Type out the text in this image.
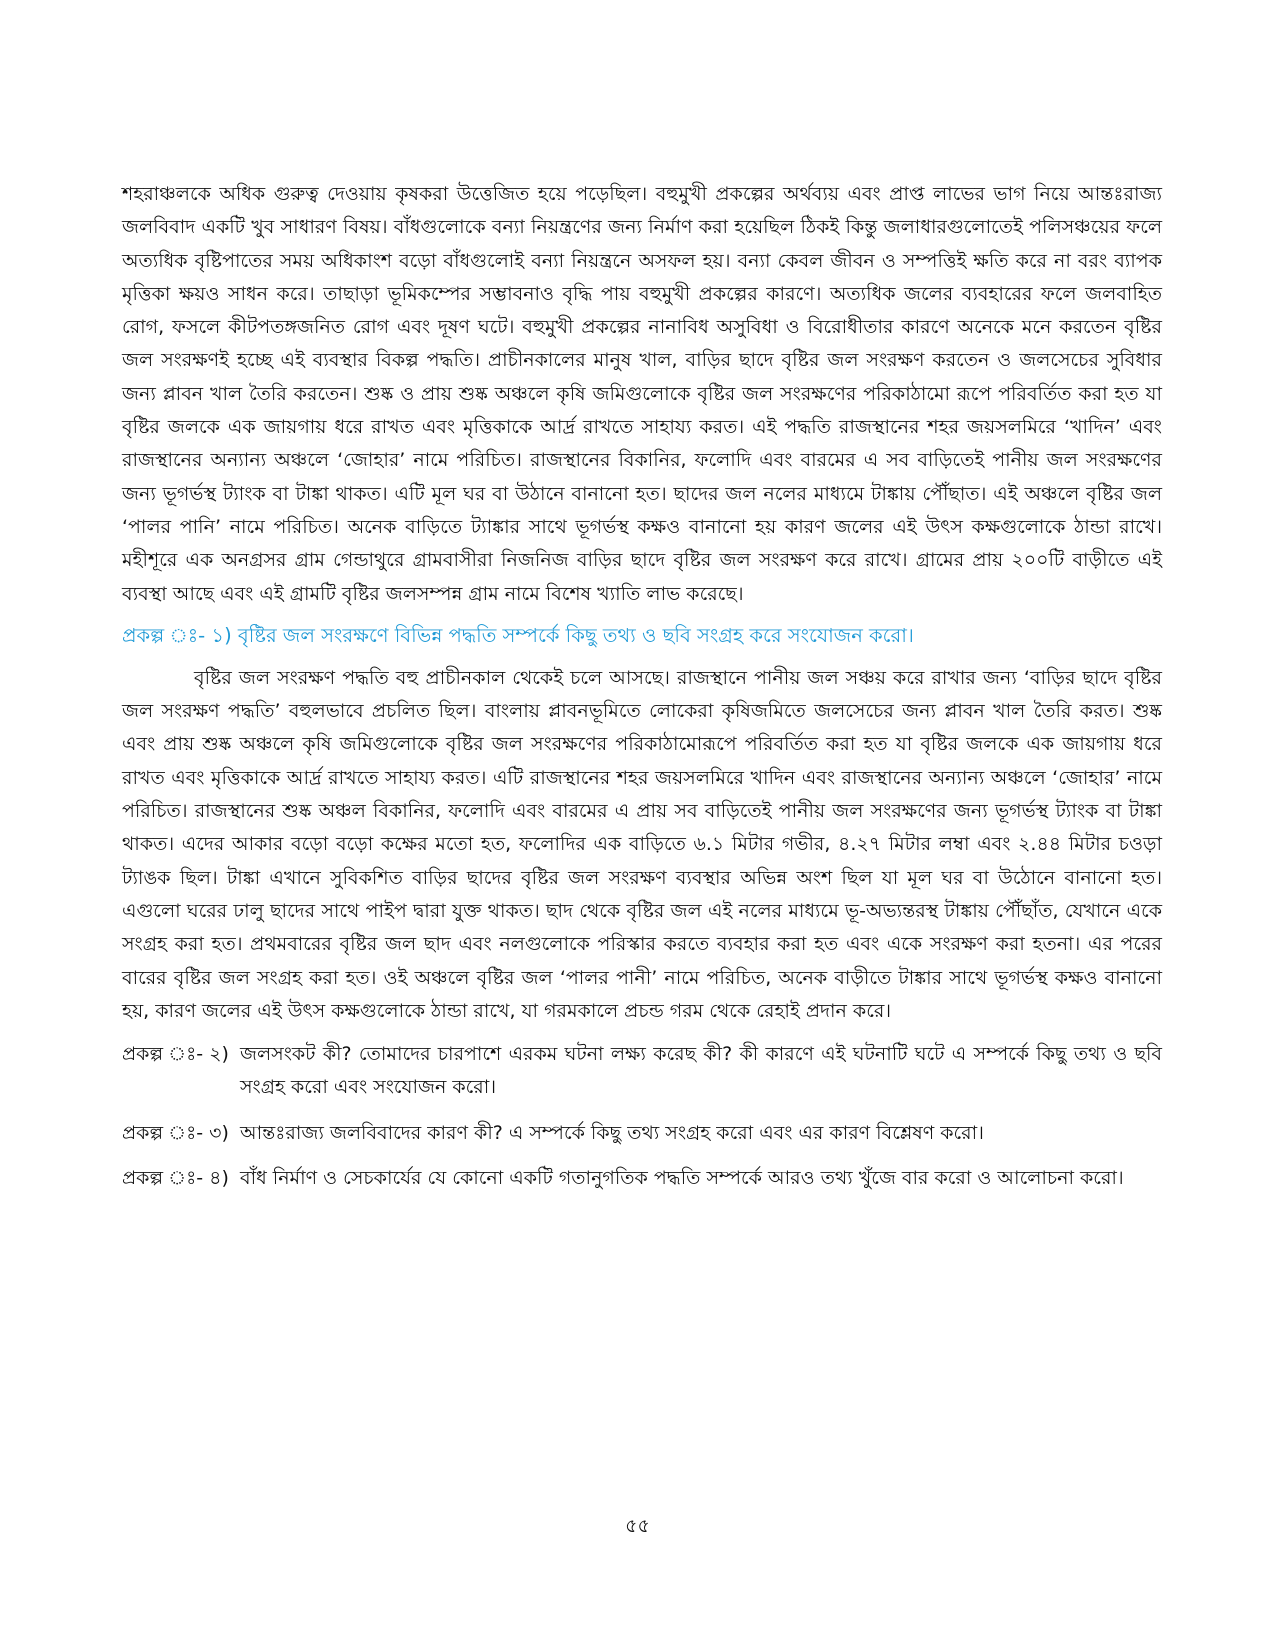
শহরাঞ্চলকে অধিক গুরুত্ব দেওয়ায় কৃষকরা উত্তেজিত হয়ে পড়েছিল। বহুমুখী প্রকল্পের অর্থব্যয় এবং প্রাপ্ত লাভের ভাগ নিয়ে আন্তঃরাজ্য জলবিবাদ একটি খুব সাধারণ বিষয়। বাঁধগুলোকে বন্যা নিয়ন্ত্রণের জন্য নির্মাণ করা হয়েছিল ঠিকই কিন্তু জলাধারগুলোতেই পলিসঞ্চয়ের ফলে অত্যধিক বৃষ্টিপাতের সময় অধিকাংশ বড়ো বাঁধগুলোই বন্যা নিয়ন্ত্রনে অসফল হয়। বন্যা কেবল জীবন ও সম্পত্তিই ক্ষতি করে না বরং ব্যাপক মৃত্তিকা ক্ষয়ও সাধন করে। তাছাড়া ভূমিকম্পের সম্ভাবনাও বৃদ্ধি পায় বহুমুখী প্রকল্পের কারণে। অত্যধিক জলের ব্যবহারের ফলে জলবাহিত রোগ, ফসলে কীটপতঙ্গজনিত রোগ এবং দূষণ ঘটে। বহুমুখী প্রকল্পের নানাবিধ অসুবিধা ও বিরোধীতার কারণে অনেকে মনে করতেন বৃষ্টির জল সংরক্ষণই হচ্ছে এই ব্যবস্থার বিকল্প পদ্ধতি। প্রাচীনকালের মানুষ খাল, বাড়ির ছাদে বৃষ্টির জল সংরক্ষণ করতেন ও জলসেচের সুবিধার জন্য প্লাবন খাল তৈরি করতেন। শুষ্ক ও প্রায় শুষ্ক অঞ্চলে কৃষি জমিগুলোকে বৃষ্টির জল সংরক্ষণের পরিকাঠামো রূপে পরিবর্তিত করা হত যা বৃষ্টির জলকে এক জায়গায় ধরে রাখত এবং মৃত্তিকাকে আর্দ্র রাখতে সাহায্য করত। এই পদ্ধতি রাজস্থানের শহর জয়সলমিরে ‘খাদিন’ এবং রাজস্থানের অন্যান্য অঞ্চলে ‘জোহার’ নামে পরিচিত। রাজস্থানের বিকানির, ফলোদি এবং বারমের এ সব বাড়িতেই পানীয় জল সংরক্ষণের জন্য ভূগর্ভস্থ ট্যাংক বা টাঙ্কা থাকত। এটি মূল ঘর বা উঠানে বানানো হত। ছাদের জল নলের মাধ্যমে টাঙ্কায় পৌঁছাত। এই অঞ্চলে বৃষ্টির জল ‘পালর পানি’ নামে পরিচিত। অনেক বাড়িতে ট্যাঙ্কার সাথে ভূগর্ভস্থ কক্ষও বানানো হয় কারণ জলের এই উৎস কক্ষগুলোকে ঠান্ডা রাখে। মহীশূরে এক অনগ্রসর গ্রাম গেন্ডাথুরে গ্রামবাসীরা নিজনিজ বাড়ির ছাদে বৃষ্টির জল সংরক্ষণ করে রাখে। গ্রামের প্রায় ২০০টি বাড়ীতে এই ব্যবস্থা আছে এবং এই গ্রামটি বৃষ্টির জলসম্পন্ন গ্রাম নামে বিশেষ খ্যাতি লাভ করেছে।

প্রকল্প ঃ- ১) বৃষ্টির জল সংরক্ষণে বিভিন্ন পদ্ধতি সম্পর্কে কিছু তথ্য ও ছবি সংগ্রহ করে সংযোজন করো।

বৃষ্টির জল সংরক্ষণ পদ্ধতি বহু প্রাচীনকাল থেকেই চলে আসছে। রাজস্থানে পানীয় জল সঞ্চয় করে রাখার জন্য ‘বাড়ির ছাদে বৃষ্টির জল সংরক্ষণ পদ্ধতি’ বহুলভাবে প্রচলিত ছিল। বাংলায় প্লাবনভূমিতে লোকেরা কৃষিজমিতে জলসেচের জন্য প্লাবন খাল তৈরি করত। শুষ্ক এবং প্রায় শুষ্ক অঞ্চলে কৃষি জমিগুলোকে বৃষ্টির জল সংরক্ষণের পরিকাঠামোরূপে পরিবর্তিত করা হত যা বৃষ্টির জলকে এক জায়গায় ধরে রাখত এবং মৃত্তিকাকে আর্দ্র রাখতে সাহায্য করত। এটি রাজস্থানের শহর জয়সলমিরে খাদিন এবং রাজস্থানের অন্যান্য অঞ্চলে ‘জোহার’ নামে পরিচিত। রাজস্থানের শুষ্ক অঞ্চল বিকানির, ফলোদি এবং বারমের এ প্রায় সব বাড়িতেই পানীয় জল সংরক্ষণের জন্য ভূগর্ভস্থ ট্যাংক বা টাঙ্কা থাকত। এদের আকার বড়ো বড়ো কক্ষের মতো হত, ফলোদির এক বাড়িতে ৬.১ মিটার গভীর, ৪.২৭ মিটার লম্বা এবং ২.৪৪ মিটার চওড়া ট্যাঙক ছিল। টাঙ্কা এখানে সুবিকশিত বাড়ির ছাদের বৃষ্টির জল সংরক্ষণ ব্যবস্থার অভিন্ন অংশ ছিল যা মূল ঘর বা উঠোনে বানানো হত। এগুলো ঘরের ঢালু ছাদের সাথে পাইপ দ্বারা যুক্ত থাকত। ছাদ থেকে বৃষ্টির জল এই নলের মাধ্যমে ভূ-অভ্যন্তরস্থ টাঙ্কায় পৌঁছাঁত, যেখানে একে সংগ্রহ করা হত। প্রথমবারের বৃষ্টির জল ছাদ এবং নলগুলোকে পরিস্কার করতে ব্যবহার করা হত এবং একে সংরক্ষণ করা হতনা। এর পরের বারের বৃষ্টির জল সংগ্রহ করা হত। ওই অঞ্চলে বৃষ্টির জল ‘পালর পানী’ নামে পরিচিত, অনেক বাড়ীতে টাঙ্কার সাথে ভূগর্ভস্থ কক্ষও বানানো হয়, কারণ জলের এই উৎস কক্ষগুলোকে ঠান্ডা রাখে, যা গরমকালে প্রচন্ড গরম থেকে রেহাই প্রদান করে।

প্রকল্প ঃ- ২) জলসংকট কী? তোমাদের চারপাশে এরকম ঘটনা লক্ষ্য করেছ কী? কী কারণে এই ঘটনাটি ঘটে এ সম্পর্কে কিছু তথ্য ও ছবি সংগ্রহ করো এবং সংযোজন করো।
প্রকল্প ঃ- ৩) আন্তঃরাজ্য জলবিবাদের কারণ কী? এ সম্পর্কে কিছু তথ্য সংগ্রহ করো এবং এর কারণ বিশ্লেষণ করো।
প্রকল্প ঃ- ৪) বাঁধ নির্মাণ ও সেচকার্যের যে কোনো একটি গতানুগতিক পদ্ধতি সম্পর্কে আরও তথ্য খুঁজে বার করো ও আলোচনা করো।
৫৫
